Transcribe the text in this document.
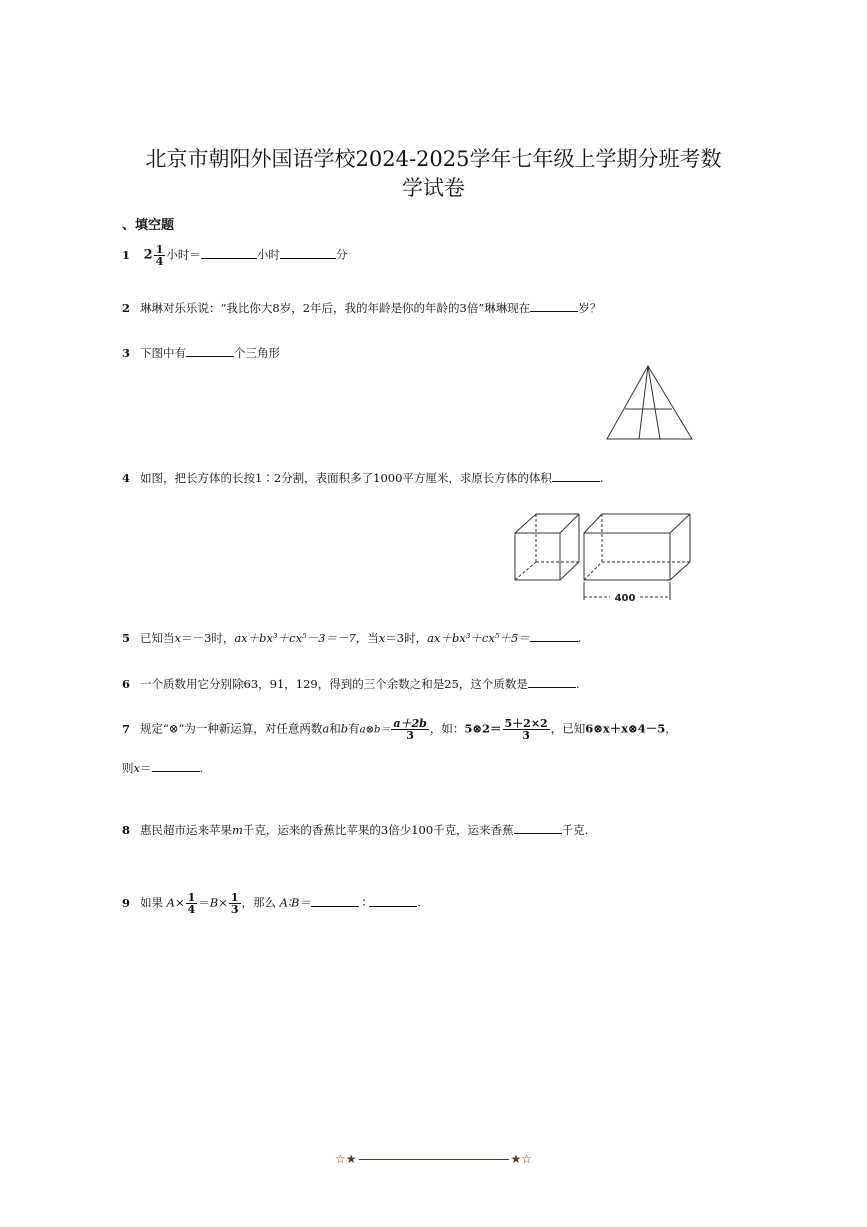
北京市朝阳外国语学校2024-2025学年七年级上学期分班考数
学试卷
、填空题
1 $2 \frac{1}{4}$ 小时＝	小时	分
2 琳琳对乐乐说：“我比你大8岁，2年后，我的年龄是你的年龄的3倍”琳琳现在	岁？
3 下图中有	个三角形
4 如图，把长方体的长按1∶2分割，表面积多了1000平方厘米，求原长方体的体积	.
400
5 已知当x＝－3时，ax＋bx³＋cx⁵－3＝－7，当x＝3时，ax＋bx³＋cx⁵＋5＝	.
6 一个质数用它分别除63，91，129，得到的三个余数之和是25，这个质数是	.
7 规定“⊗”为一种新运算，对任意两数a和b有a⊗b＝ $\frac{a+2b}{3}$ ，如：5⊗2＝ $\frac{5+2\times 2}{3}$ ，已知6⊗x＋x⊗4－5，
则x＝	.
8 惠民超市运来苹果m千克，运来的香蕉比苹果的3倍少100千克，运来香蕉	千克.
9 如果 $A\times \frac{1}{4} =B\times \frac{1}{3}$ ，那么 A∶B＝	∶	.
☆★	★☆
